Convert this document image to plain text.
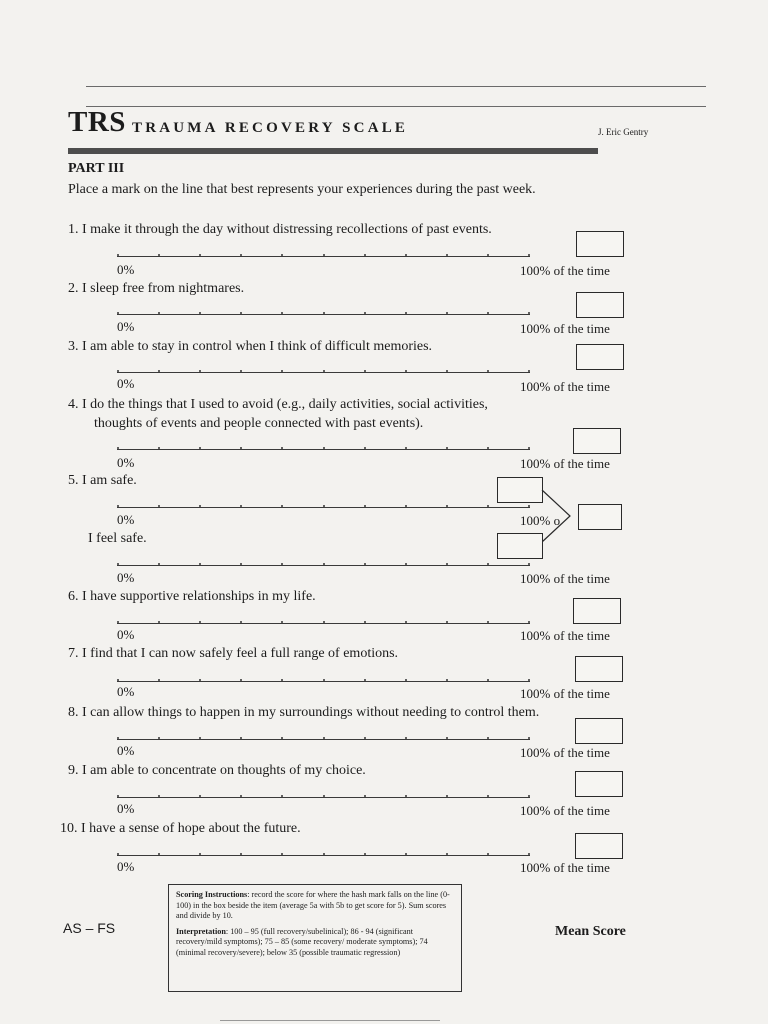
TRS TRAUMA RECOVERY SCALE	J. Eric Gentry
PART III
Place a mark on the line that best represents your experiences during the past week.
1. I make it through the day without distressing recollections of past events.
0%	100% of the time
2. I sleep free from nightmares.
0%	100% of the time
3. I am able to stay in control when I think of difficult memories.
0%	100% of the time
4. I do the things that I used to avoid (e.g., daily activities, social activities,
thoughts of events and people connected with past events).
0%	100% of the time
5. I am safe.
0%	100% o
I feel safe.
0%	100% of the time
6. I have supportive relationships in my life.
0%	100% of the time
7. I find that I can now safely feel a full range of emotions.
0%	100% of the time
8. I can allow things to happen in my surroundings without needing to control them.
0%	100% of the time
9. I am able to concentrate on thoughts of my choice.
0%	100% of the time
10. I have a sense of hope about the future.
0%	100% of the time
AS – FS
Scoring Instructions: record the score for where the hash mark falls on the line (0-100) in the box beside the item (average 5a with 5b to get score for 5). Sum scores and divide by 10.
Interpretation: 100 – 95 (full recovery/subelinical); 86 - 94 (significant recovery/mild symptoms); 75 – 85 (some recovery/ moderate symptoms); 74 (minimal recovery/severe); below 35 (possible traumatic regression)
Mean Score
